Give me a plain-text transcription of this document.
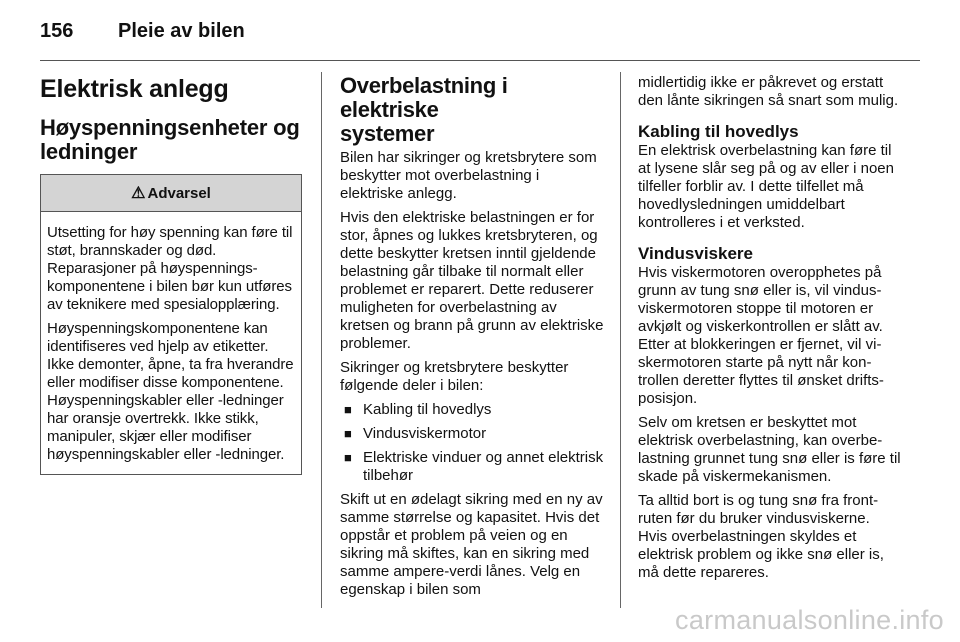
156 Pleie av bilen
Elektrisk anlegg
Høyspenningsenheter og
ledninger
⚠ Advarsel

Utsetting for høy spenning kan føre til støt, brannskader og død. Reparasjoner på høyspenningskomponentene i bilen bør kun utføres av teknikere med spesialopplæring.

Høyspenningskomponentene kan identifiseres ved hjelp av etiketter. Ikke demonter, åpne, ta fra hverandre eller modifiser disse komponentene. Høyspenningskabler eller -ledninger har oransje overtrekk. Ikke stikk, manipuler, skjær eller modifiser høyspenningskabler eller -ledninger.

Overbelastning i elektriske
systemer

Bilen har sikringer og kretsbrytere som beskytter mot overbelastning i elektriske anlegg.

Hvis den elektriske belastningen er for stor, åpnes og lukkes kretsbryteren, og dette beskytter kretsen inntil gjeldende belastning går tilbake til normalt eller problemet er reparert. Dette reduserer muligheten for overbelastning av kretsen og brann på grunn av elektriske problemer.

Sikringer og kretsbrytere beskytter følgende deler i bilen:

■ Kabling til hovedlys
■ Vindusviskermotor
■ Elektriske vinduer og annet elektrisk tilbehør

Skift ut en ødelagt sikring med en ny av samme størrelse og kapasitet. Hvis det oppstår et problem på veien og en sikring må skiftes, kan en sikring med samme ampere-verdi lånes. Velg en egenskap i bilen som

midlertidig ikke er påkrevet og erstatt den lånte sikringen så snart som mulig.

Kabling til hovedlys

En elektrisk overbelastning kan føre til at lysene slår seg på og av eller i noen tilfeller forblir av. I dette tilfellet må hovedlysledningen umiddelbart kontrolleres i et verksted.

Vindusviskere

Hvis viskermotoren overopphetes på grunn av tung snø eller is, vil vindusviskermotoren stoppe til motoren er avkjølt og viskerkontrollen er slått av. Etter at blokkeringen er fjernet, vil viskermotoren starte på nytt når kontrollen deretter flyttes til ønsket driftsposisjon.

Selv om kretsen er beskyttet mot elektrisk overbelastning, kan overbelastning grunnet tung snø eller is føre til skade på viskermekanismen.

Ta alltid bort is og tung snø fra frontruten før du bruker vindusviskerne. Hvis overbelastningen skyldes et elektrisk problem og ikke snø eller is, må dette repareres.

carmanualsonline.info
